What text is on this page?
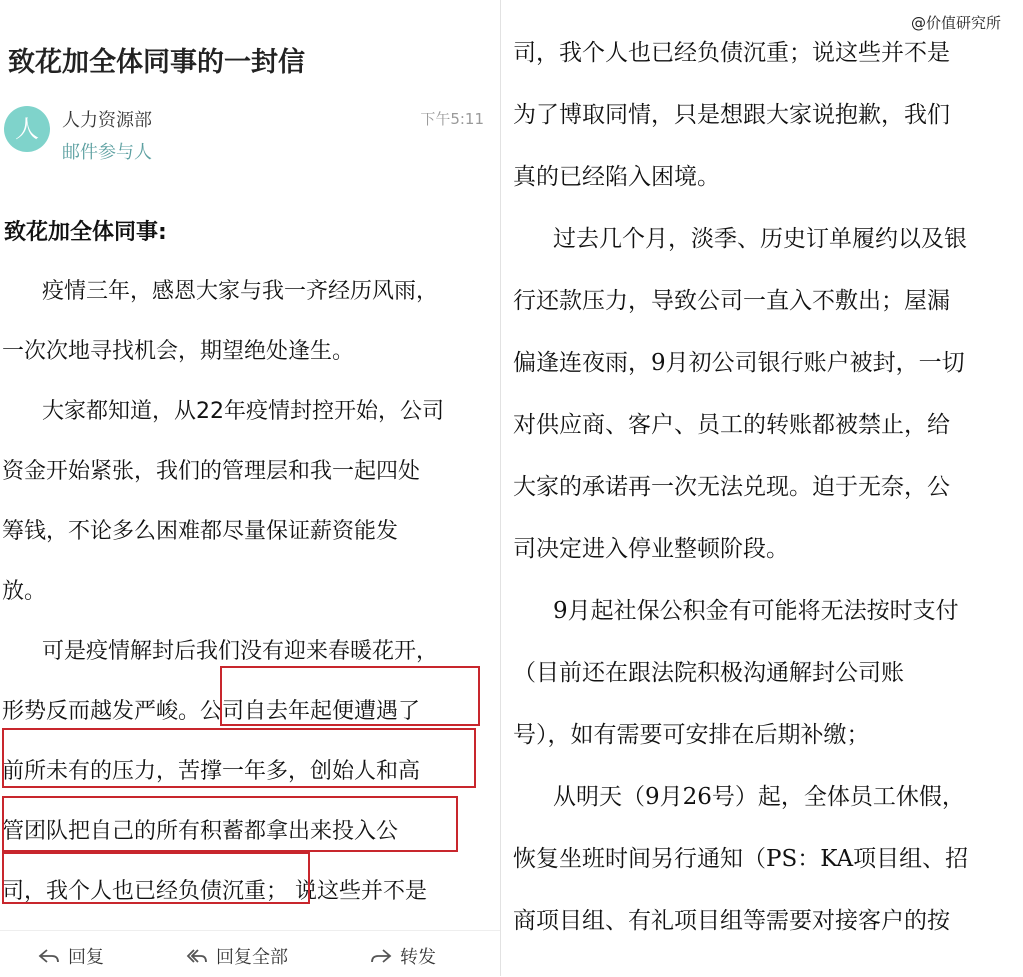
@价值研究所
致花加全体同事的一封信
人	人力资源部
邮件参与人
下午5:11
致花加全体同事:

疫情三年，感恩大家与我一齐经历风雨，

一次次地寻找机会，期望绝处逢生。

大家都知道，从22年疫情封控开始，公司

资金开始紧张，我们的管理层和我一起四处

筹钱，不论多么困难都尽量保证薪资能发

放。

可是疫情解封后我们没有迎来春暖花开，

形势反而越发严峻。公司自去年起便遭遇了

前所未有的压力，苦撑一年多，创始人和高

管团队把自己的所有积蓄都拿出来投入公

司，我个人也已经负债沉重； 说这些并不是

回复	回复全部	转发

司，我个人也已经负债沉重；说这些并不是

为了博取同情，只是想跟大家说抱歉，我们

真的已经陷入困境。

过去几个月，淡季、历史订单履约以及银

行还款压力，导致公司一直入不敷出；屋漏

偏逢连夜雨，9月初公司银行账户被封，一切

对供应商、客户、员工的转账都被禁止，给

大家的承诺再一次无法兑现。迫于无奈，公

司决定进入停业整顿阶段。

9月起社保公积金有可能将无法按时支付

（目前还在跟法院积极沟通解封公司账

号），如有需要可安排在后期补缴；

从明天（9月26号）起，全体员工休假，

恢复坐班时间另行通知（PS：KA项目组、招

商项目组、有礼项目组等需要对接客户的按
